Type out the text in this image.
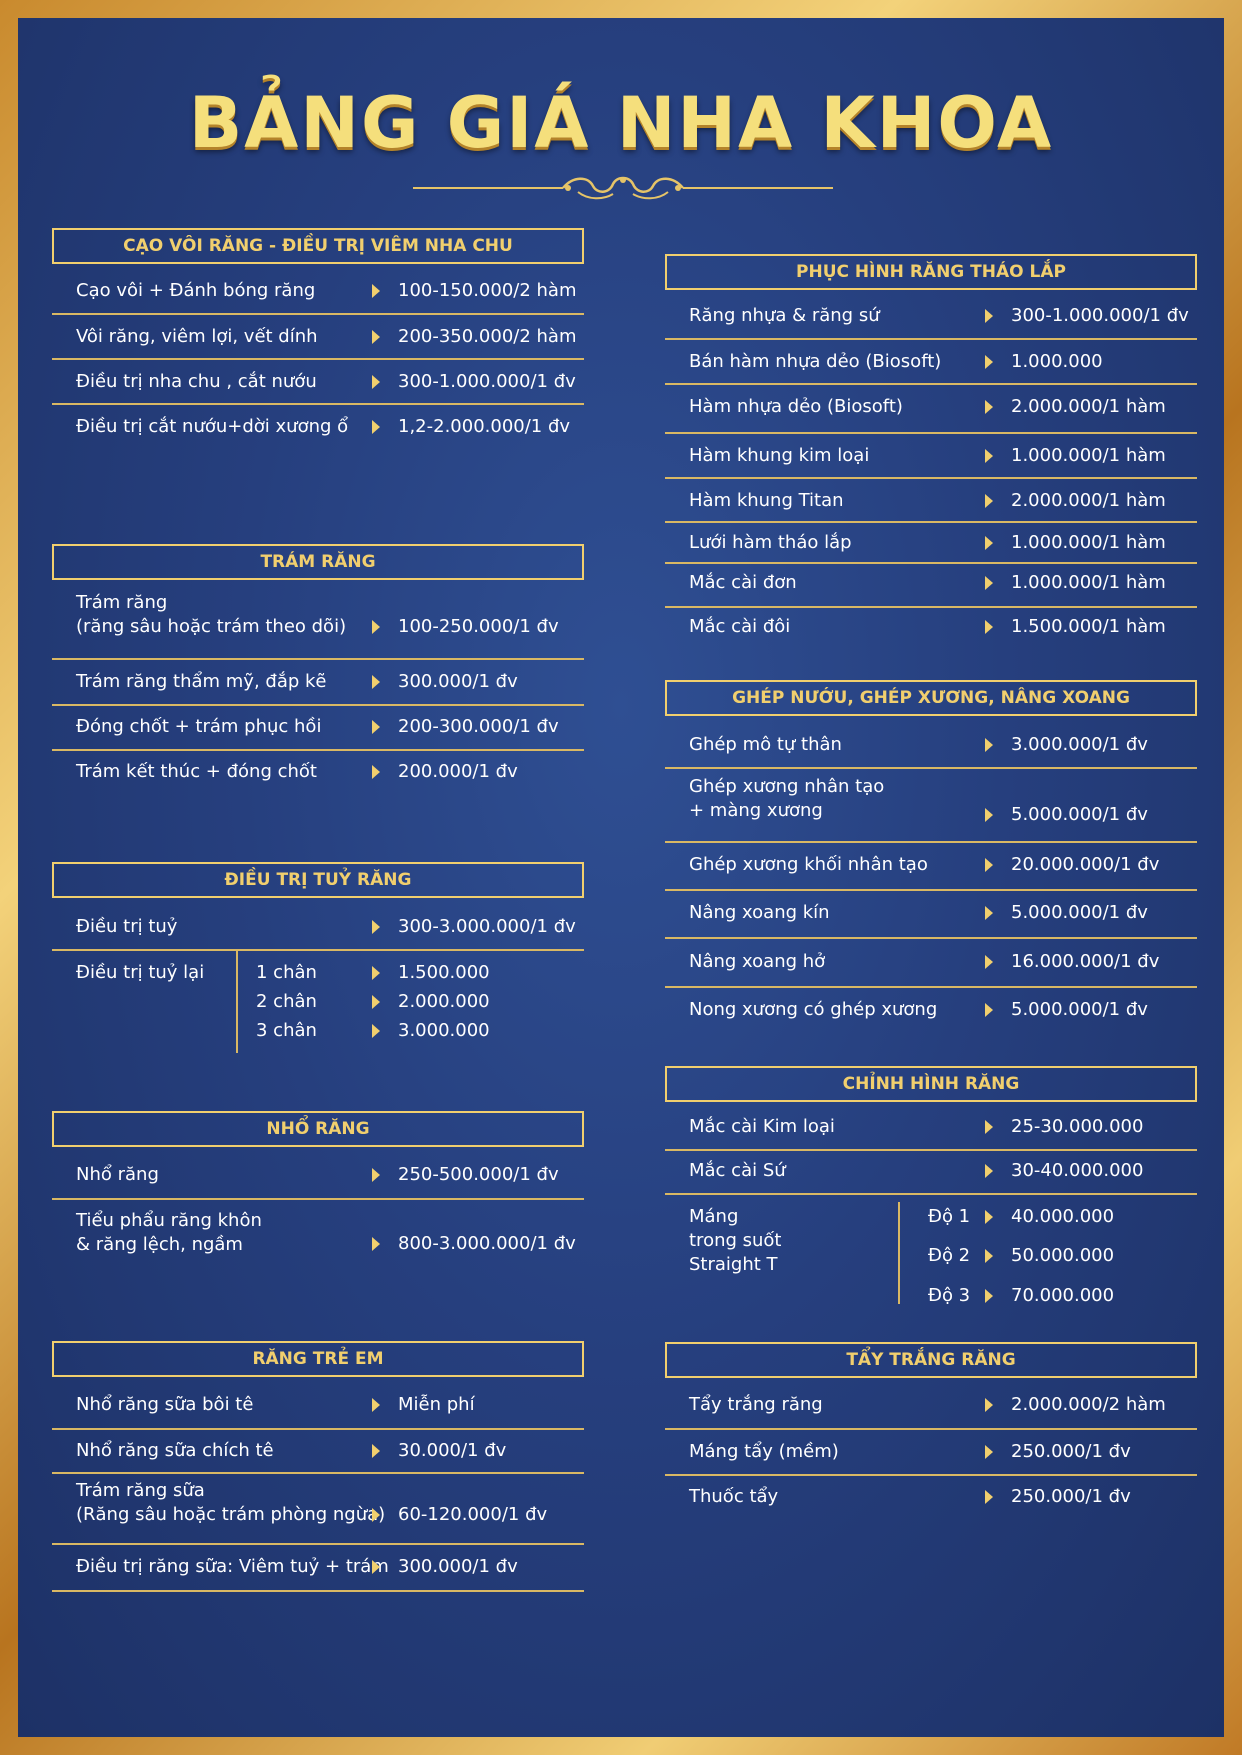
BẢNG GIÁ NHA KHOA
CẠO VÔI RĂNG - ĐIỀU TRỊ VIÊM NHA CHU
Cạo vôi + Đánh bóng răng	100-150.000/2 hàm
Vôi răng, viêm lợi, vết dính	200-350.000/2 hàm
Điều trị nha chu , cắt nướu	300-1.000.000/1 đv
Điều trị cắt nướu+dời xương ổ	1,2-2.000.000/1 đv
TRÁM RĂNG
Trám răng
(răng sâu hoặc trám theo dõi)	100-250.000/1 đv
Trám răng thẩm mỹ, đắp kẽ	300.000/1 đv
Đóng chốt + trám phục hồi	200-300.000/1 đv
Trám kết thúc + đóng chốt	200.000/1 đv
ĐIỀU TRỊ TUỶ RĂNG
Điều trị tuỷ	300-3.000.000/1 đv
Điều trị tuỷ lại	1 chân	1.500.000
2 chân	2.000.000
3 chân	3.000.000
NHỔ RĂNG
Nhổ răng	250-500.000/1 đv
Tiểu phẩu răng khôn
& răng lệch, ngầm	800-3.000.000/1 đv
RĂNG TRẺ EM
Nhổ răng sữa bôi tê	Miễn phí
Nhổ răng sữa chích tê	30.000/1 đv
Trám răng sữa
(Răng sâu hoặc trám phòng ngừa) 60-120.000/1 đv
Điều trị răng sữa: Viêm tuỷ + trám 300.000/1 đv
PHỤC HÌNH RĂNG THÁO LẮP
Răng nhựa & răng sứ	300-1.000.000/1 đv
Bán hàm nhựa dẻo (Biosoft)	1.000.000
Hàm nhựa dẻo (Biosoft)	2.000.000/1 hàm
Hàm khung kim loại	1.000.000/1 hàm
Hàm khung Titan	2.000.000/1 hàm
Lưới hàm tháo lắp	1.000.000/1 hàm
Mắc cài đơn	1.000.000/1 hàm
Mắc cài đôi	1.500.000/1 hàm
GHÉP NƯỚU, GHÉP XƯƠNG, NÂNG XOANG
Ghép mô tự thân	3.000.000/1 đv
Ghép xương nhân tạo
+ màng xương	5.000.000/1 đv
Ghép xương khối nhân tạo	20.000.000/1 đv
Nâng xoang kín	5.000.000/1 đv
Nâng xoang hở	16.000.000/1 đv
Nong xương có ghép xương	5.000.000/1 đv
CHỈNH HÌNH RĂNG
Mắc cài Kim loại	25-30.000.000
Mắc cài Sứ	30-40.000.000
Máng
trong suốt
Straight T
Độ 1 40.000.000
Độ 2 50.000.000
Độ 3 70.000.000
TẨY TRẮNG RĂNG
Tẩy trắng răng	2.000.000/2 hàm
Máng tẩy (mềm)	250.000/1 đv
Thuốc tẩy	250.000/1 đv
